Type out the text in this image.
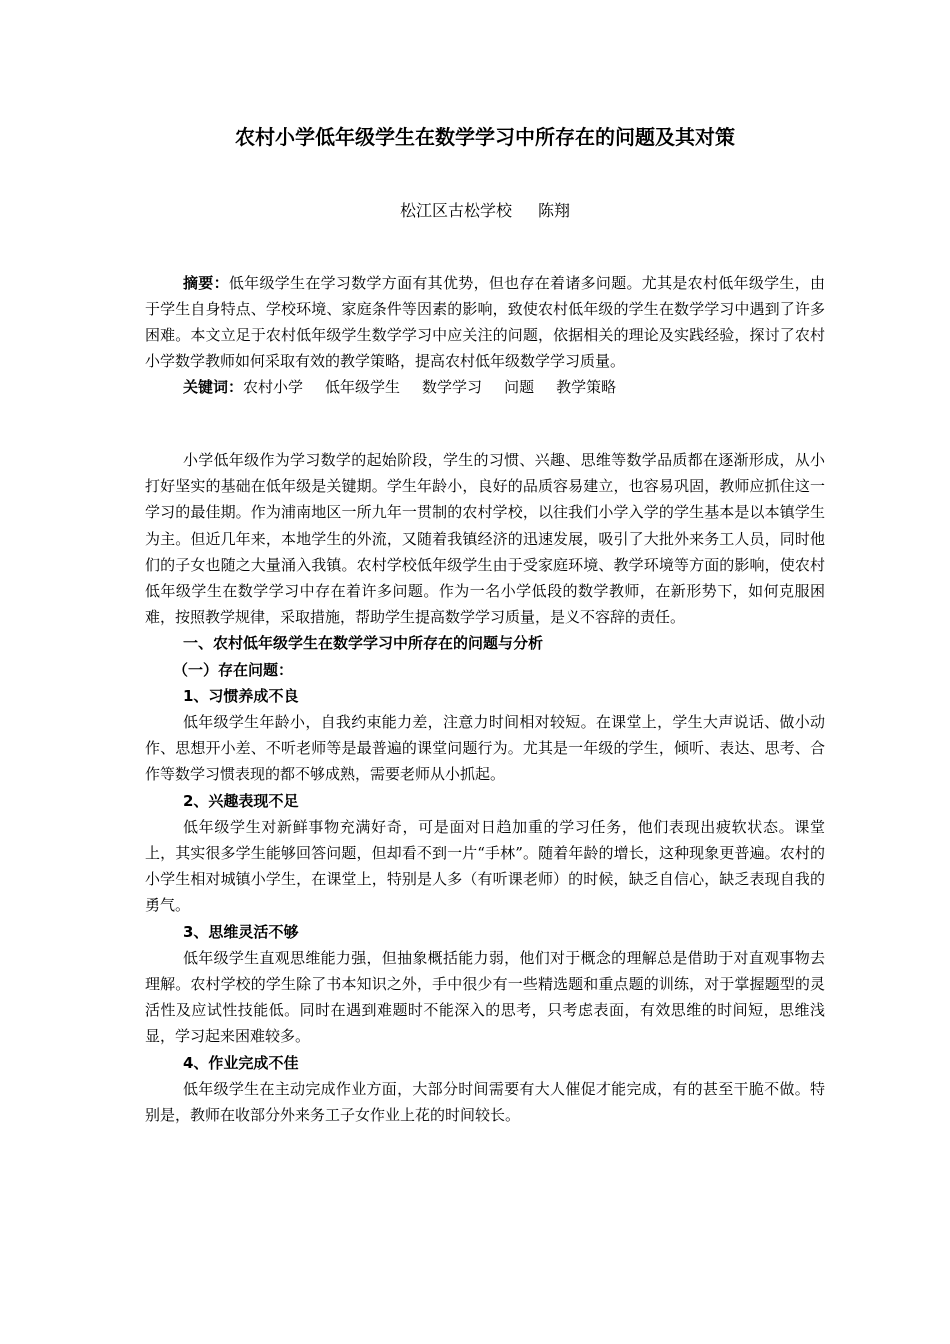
农村小学低年级学生在数学学习中所存在的问题及其对策
松江区古松学校 陈翔

摘要：低年级学生在学习数学方面有其优势，但也存在着诸多问题。尤其是农村低年级学生，由于学生自身特点、学校环境、家庭条件等因素的影响，致使农村低年级的学生在数学学习中遇到了许多困难。本文立足于农村低年级学生数学学习中应关注的问题，依据相关的理论及实践经验，探讨了农村小学数学教师如何采取有效的教学策略，提高农村低年级数学学习质量。

关键词：农村小学 低年级学生 数学学习 问题 教学策略

小学低年级作为学习数学的起始阶段，学生的习惯、兴趣、思维等数学品质都在逐渐形成，从小打好坚实的基础在低年级是关键期。学生年龄小，良好的品质容易建立，也容易巩固，教师应抓住这一学习的最佳期。作为浦南地区一所九年一贯制的农村学校，以往我们小学入学的学生基本是以本镇学生为主。但近几年来，本地学生的外流，又随着我镇经济的迅速发展，吸引了大批外来务工人员，同时他们的子女也随之大量涌入我镇。农村学校低年级学生由于受家庭环境、教学环境等方面的影响，使农村低年级学生在数学学习中存在着许多问题。作为一名小学低段的数学教师，在新形势下，如何克服困难，按照教学规律，采取措施，帮助学生提高数学学习质量，是义不容辞的责任。

一、农村低年级学生在数学学习中所存在的问题与分析
（一）存在问题：
1、习惯养成不良

低年级学生年龄小，自我约束能力差，注意力时间相对较短。在课堂上，学生大声说话、做小动作、思想开小差、不听老师等是最普遍的课堂问题行为。尤其是一年级的学生，倾听、表达、思考、合作等数学习惯表现的都不够成熟，需要老师从小抓起。

2、兴趣表现不足

低年级学生对新鲜事物充满好奇，可是面对日趋加重的学习任务，他们表现出疲软状态。课堂上，其实很多学生能够回答问题，但却看不到一片“手林”。随着年龄的增长，这种现象更普遍。农村的小学生相对城镇小学生，在课堂上，特别是人多（有听课老师）的时候，缺乏自信心，缺乏表现自我的勇气。

3、思维灵活不够

低年级学生直观思维能力强，但抽象概括能力弱，他们对于概念的理解总是借助于对直观事物去理解。农村学校的学生除了书本知识之外，手中很少有一些精选题和重点题的训练，对于掌握题型的灵活性及应试性技能低。同时在遇到难题时不能深入的思考，只考虑表面，有效思维的时间短，思维浅显，学习起来困难较多。

4、作业完成不佳

低年级学生在主动完成作业方面，大部分时间需要有大人催促才能完成，有的甚至干脆不做。特别是，教师在收部分外来务工子女作业上花的时间较长。
